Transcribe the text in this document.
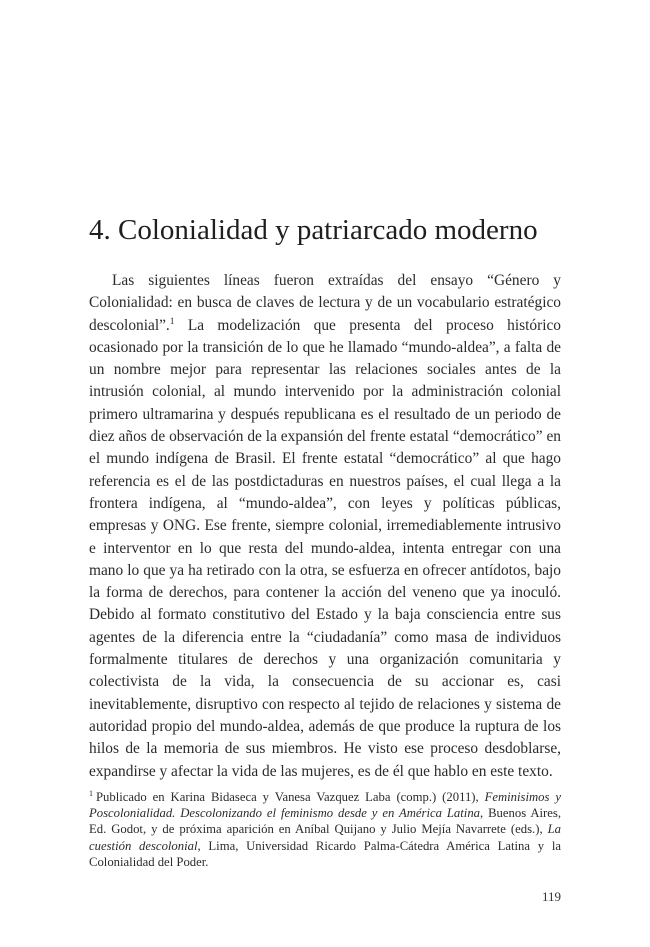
4. Colonialidad y patriarcado moderno

Las siguientes líneas fueron extraídas del ensayo “Género y Colonialidad: en busca de claves de lectura y de un vocabulario estratégico descolonial”.$^1$ La modelización que presenta del proceso histórico ocasionado por la transición de lo que he llamado “mundo-aldea”, a falta de un nombre mejor para representar las relaciones sociales antes de la intrusión colonial, al mundo intervenido por la administración colonial primero ultramarina y después republicana es el resultado de un periodo de diez años de observación de la expansión del frente estatal “democrático” en el mundo indígena de Brasil. El frente estatal “democrático” al que hago referencia es el de las postdictaduras en nuestros países, el cual llega a la frontera indígena, al “mundo-aldea”, con leyes y políticas públicas, empresas y ONG. Ese frente, siempre colonial, irremediablemente intrusivo e interventor en lo que resta del mundo-aldea, intenta entregar con una mano lo que ya ha retirado con la otra, se esfuerza en ofrecer antídotos, bajo la forma de derechos, para contener la acción del veneno que ya inoculó. Debido al formato constitutivo del Estado y la baja consciencia entre sus agentes de la diferencia entre la “ciudadanía” como masa de individuos formalmente titulares de derechos y una organización comunitaria y colectivista de la vida, la consecuencia de su accionar es, casi inevitablemente, disruptivo con respecto al tejido de relaciones y sistema de autoridad propio del mundo-aldea, además de que produce la ruptura de los hilos de la memoria de sus miembros. He visto ese proceso desdoblarse, expandirse y afectar la vida de las mujeres, es de él que hablo en este texto.

$^1$ Publicado en Karina Bidaseca y Vanesa Vazquez Laba (comp.) (2011), Feminisimos y Poscolonialidad. Descolonizando el feminismo desde y en América Latina, Buenos Aires, Ed. Godot, y de próxima aparición en Aníbal Quijano y Julio Mejía Navarrete (eds.), La cuestión descolonial, Lima, Universidad Ricardo Palma-Cátedra América Latina y la Colonialidad del Poder.

119
